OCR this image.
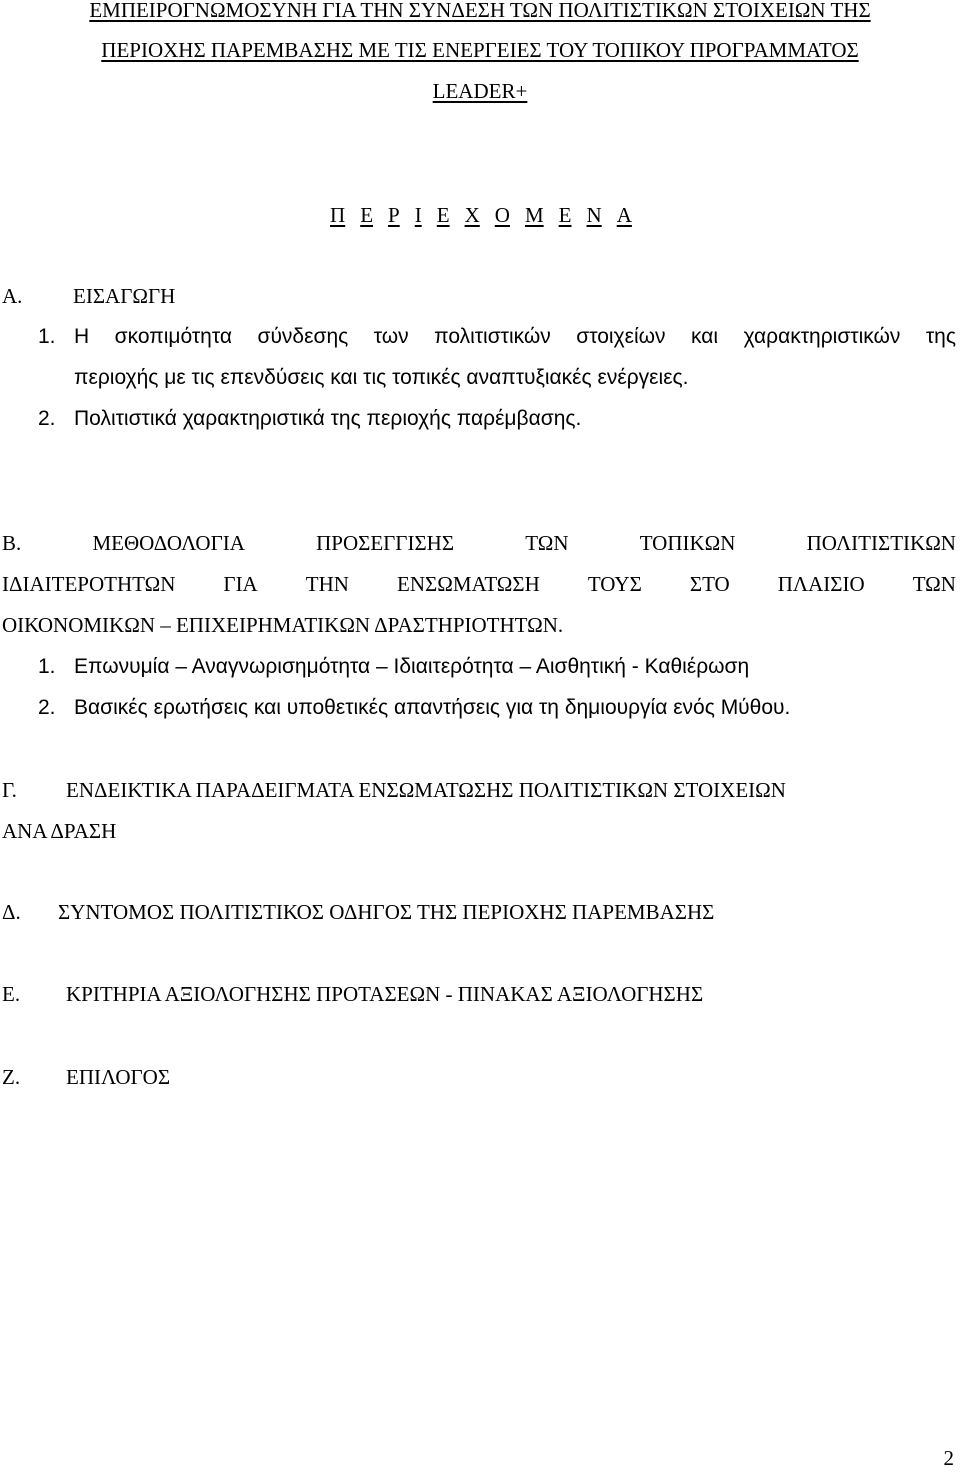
ΕΜΠΕΙΡΟΓΝΩΜΟΣΥΝΗ ΓΙΑ ΤΗΝ ΣΥΝΔΕΣΗ ΤΩΝ ΠΟΛΙΤΙΣΤΙΚΩΝ ΣΤΟΙΧΕΙΩΝ ΤΗΣ
ΠΕΡΙΟΧΗΣ ΠΑΡΕΜΒΑΣΗΣ ΜΕ ΤΙΣ ΕΝΕΡΓΕΙΕΣ ΤΟΥ ΤΟΠΙΚΟΥ ΠΡΟΓΡΑΜΜΑΤΟΣ
LEADER+
Π Ε Ρ Ι Ε Χ Ο Μ Ε Ν Α
Α. ΕΙΣΑΓΩΓΗ
1. Η σκοπιμότητα σύνδεσης των πολιτιστικών στοιχείων και χαρακτηριστικών της
περιοχής με τις επενδύσεις και τις τοπικές αναπτυξιακές ενέργειες.
2. Πολιτιστικά χαρακτηριστικά της περιοχής παρέμβασης.
Β.	ΜΕΘΟΔΟΛΟΓΙΑ	ΠΡΟΣΕΓΓΙΣΗΣ	ΤΩΝ	ΤΟΠΙΚΩΝ	ΠΟΛΙΤΙΣΤΙΚΩΝ
ΙΔΙΑΙΤΕΡΟΤΗΤΩΝ ΓΙΑ ΤΗΝ ΕΝΣΩΜΑΤΩΣΗ ΤΟΥΣ ΣΤΟ ΠΛΑΙΣΙΟ ΤΩΝ
ΟΙΚΟΝΟΜΙΚΩΝ – ΕΠΙΧΕΙΡΗΜΑΤΙΚΩΝ ΔΡΑΣΤΗΡΙΟΤΗΤΩΝ.
1. Επωνυμία – Αναγνωρισημότητα – Ιδιαιτερότητα – Αισθητική - Καθιέρωση
2. Βασικές ερωτήσεις και υποθετικές απαντήσεις για τη δημιουργία ενός Μύθου.
Γ. ΕΝΔΕΙΚΤΙΚΑ ΠΑΡΑΔΕΙΓΜΑΤΑ ΕΝΣΩΜΑΤΩΣΗΣ ΠΟΛΙΤΙΣΤΙΚΩΝ ΣΤΟΙΧΕΙΩΝ
ΑΝΑ ΔΡΑΣΗ
Δ. ΣΥΝΤΟΜΟΣ ΠΟΛΙΤΙΣΤΙΚΟΣ ΟΔΗΓΟΣ ΤΗΣ ΠΕΡΙΟΧΗΣ ΠΑΡΕΜΒΑΣΗΣ
Ε. ΚΡΙΤΗΡΙΑ ΑΞΙΟΛΟΓΗΣΗΣ ΠΡΟΤΑΣΕΩΝ - ΠΙΝΑΚΑΣ ΑΞΙΟΛΟΓΗΣΗΣ
Ζ. ΕΠΙΛΟΓΟΣ
2
